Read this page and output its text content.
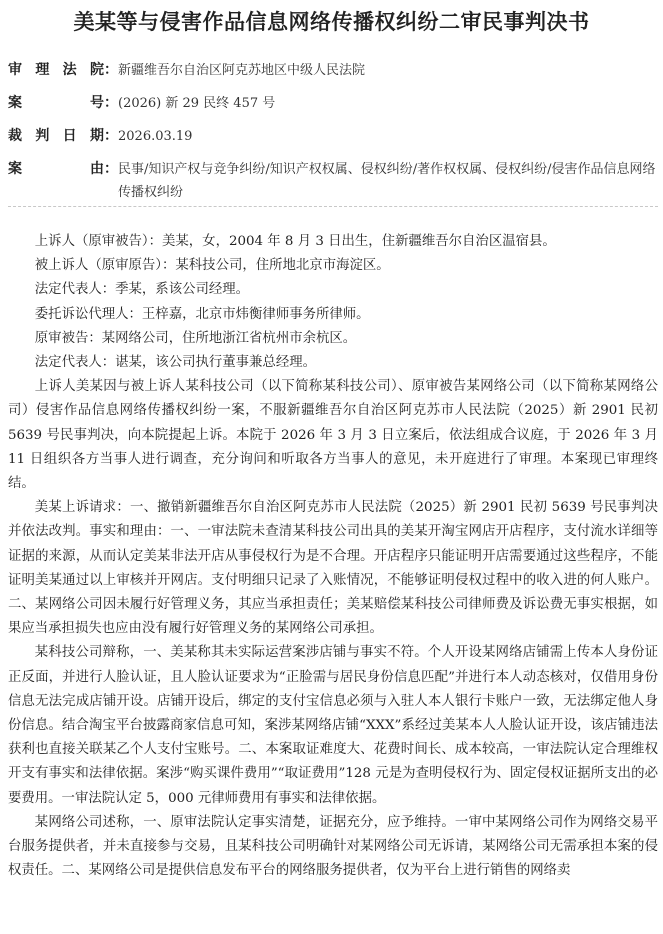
美某等与侵害作品信息网络传播权纠纷二审民事判决书
审 理 法 院： 新疆维吾尔自治区阿克苏地区中级人民法院
案	号： (2026) 新 29 民终 457 号
裁 判 日 期： 2026.03.19
案	由： 民事/知识产权与竞争纠纷/知识产权权属、侵权纠纷/著作权权属、侵权纠纷/侵害作品信息网络传播权纠纷

上诉人（原审被告）：美某，女，2004 年 8 月 3 日出生，住新疆维吾尔自治区温宿县。

被上诉人（原审原告）：某科技公司，住所地北京市海淀区。

法定代表人：季某，系该公司经理。

委托诉讼代理人：王梓嘉，北京市炜衡律师事务所律师。

原审被告：某网络公司，住所地浙江省杭州市余杭区。

法定代表人：谌某，该公司执行董事兼总经理。

上诉人美某因与被上诉人某科技公司（以下简称某科技公司）、原审被告某网络公司（以下简称某网络公司）侵害作品信息网络传播权纠纷一案，不服新疆维吾尔自治区阿克苏市人民法院（2025）新 2901 民初 5639 号民事判决，向本院提起上诉。本院于 2026 年 3 月 3 日立案后，依法组成合议庭，于 2026 年 3 月 11 日组织各方当事人进行调查，充分询问和听取各方当事人的意见，未开庭进行了审理。本案现已审理终结。

美某上诉请求：一、撤销新疆维吾尔自治区阿克苏市人民法院（2025）新 2901 民初 5639 号民事判决并依法改判。事实和理由：一、一审法院未查清某科技公司出具的美某开淘宝网店开店程序，支付流水详细等证据的来源，从而认定美某非法开店从事侵权行为是不合理。开店程序只能证明开店需要通过这些程序，不能证明美某通过以上审核并开网店。支付明细只记录了入账情况，不能够证明侵权过程中的收入进的何人账户。二、某网络公司因未履行好管理义务，其应当承担责任；美某赔偿某科技公司律师费及诉讼费无事实根据，如果应当承担损失也应由没有履行好管理义务的某网络公司承担。

某科技公司辩称，一、美某称其未实际运营案涉店铺与事实不符。个人开设某网络店铺需上传本人身份证正反面，并进行人脸认证，且人脸认证要求为“正脸需与居民身份信息匹配”并进行本人动态核对，仅借用身份信息无法完成店铺开设。店铺开设后，绑定的支付宝信息必须与入驻人本人银行卡账户一致，无法绑定他人身份信息。结合淘宝平台披露商家信息可知，案涉某网络店铺“XXX”系经过美某本人人脸认证开设，该店铺违法获利也直接关联某乙个人支付宝账号。二、本案取证难度大、花费时间长、成本较高，一审法院认定合理维权开支有事实和法律依据。案涉“购买课件费用”“取证费用”128 元是为查明侵权行为、固定侵权证据所支出的必要费用。一审法院认定 5，000 元律师费用有事实和法律依据。

某网络公司述称，一、原审法院认定事实清楚，证据充分，应予维持。一审中某网络公司作为网络交易平台服务提供者，并未直接参与交易，且某科技公司明确针对某网络公司无诉请，某网络公司无需承担本案的侵权责任。二、某网络公司是提供信息发布平台的网络服务提供者，仅为平台上进行销售的网络卖
